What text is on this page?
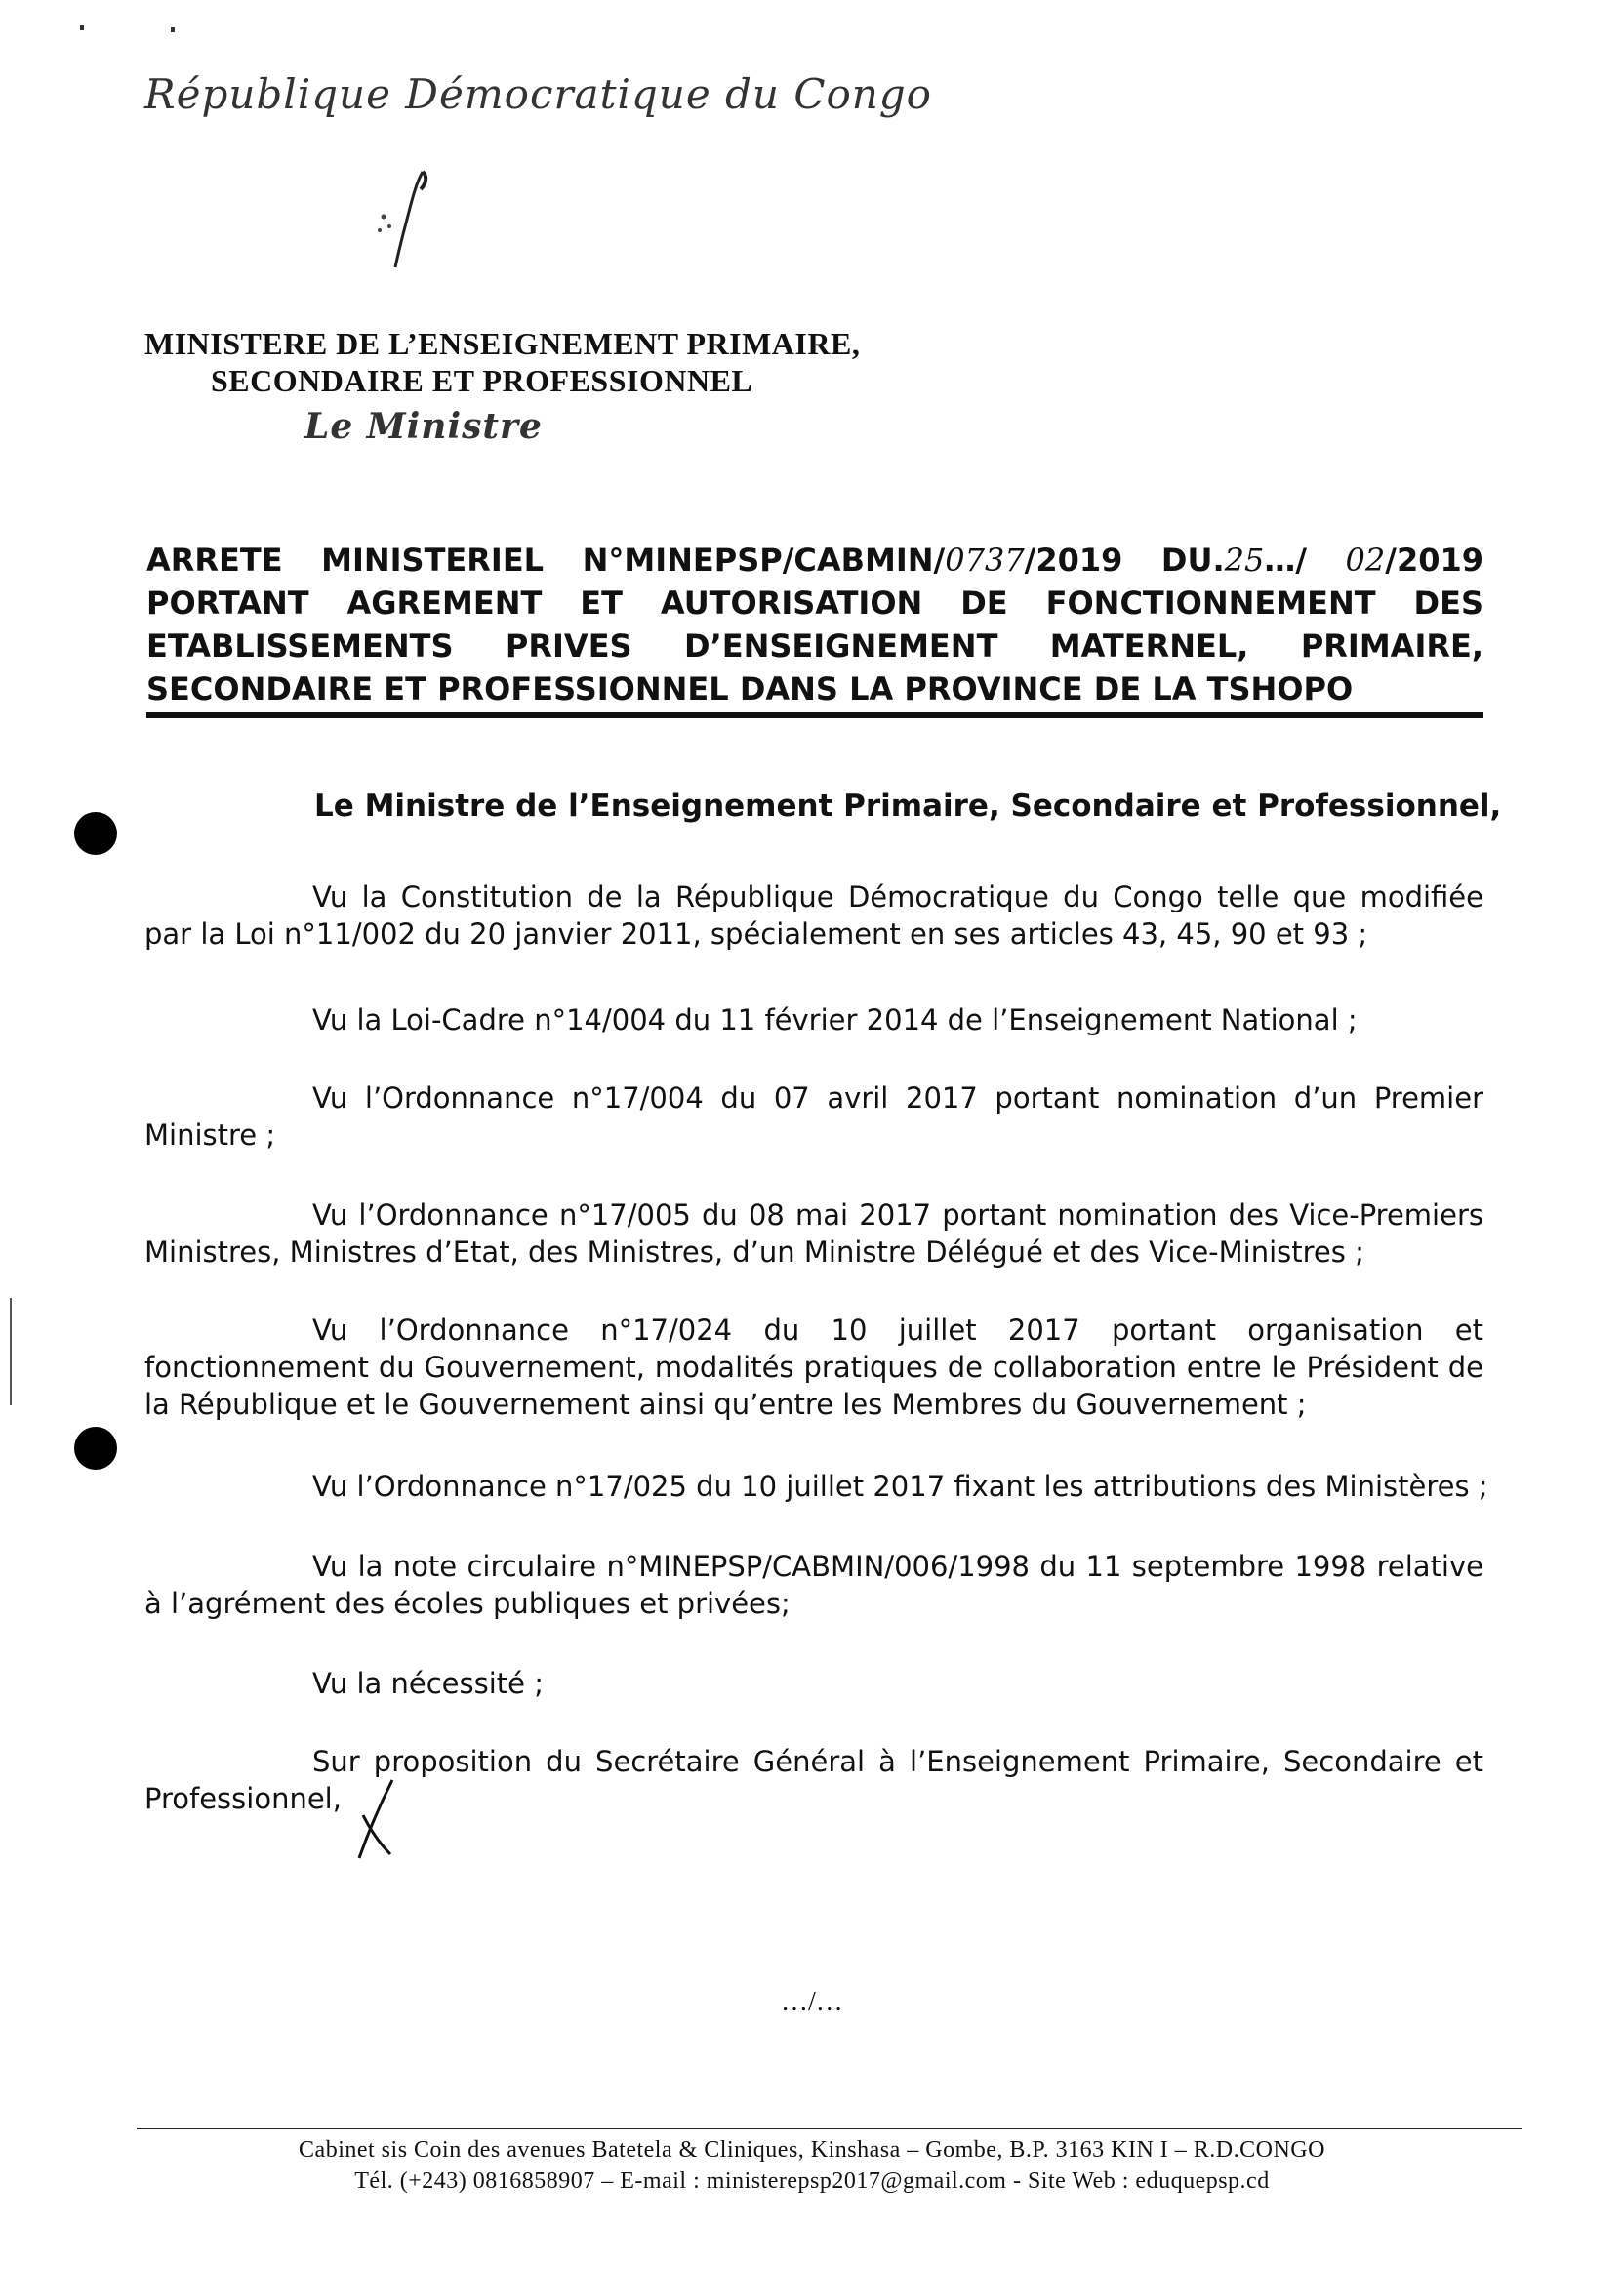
République Démocratique du Congo
MINISTERE DE L’ENSEIGNEMENT PRIMAIRE,
SECONDAIRE ET PROFESSIONNEL
Le Ministre
ARRETE MINISTERIEL N°MINEPSP/CABMIN/0737/2019 DU.25…/ 02/2019
PORTANT AGREMENT ET AUTORISATION DE FONCTIONNEMENT DES
ETABLISSEMENTS PRIVES D’ENSEIGNEMENT MATERNEL, PRIMAIRE,
SECONDAIRE ET PROFESSIONNEL DANS LA PROVINCE DE LA TSHOPO
Le Ministre de l’Enseignement Primaire, Secondaire et Professionnel,
Vu la Constitution de la République Démocratique du Congo telle que modifiée par la Loi n°11/002 du 20 janvier 2011, spécialement en ses articles 43, 45, 90 et 93 ;
Vu la Loi-Cadre n°14/004 du 11 février 2014 de l’Enseignement National ;
Vu l’Ordonnance n°17/004 du 07 avril 2017 portant nomination d’un Premier Ministre ;
Vu l’Ordonnance n°17/005 du 08 mai 2017 portant nomination des Vice-Premiers Ministres, Ministres d’Etat, des Ministres, d’un Ministre Délégué et des Vice-Ministres ;
Vu l’Ordonnance n°17/024 du 10 juillet 2017 portant organisation et fonctionnement du Gouvernement, modalités pratiques de collaboration entre le Président de la République et le Gouvernement ainsi qu’entre les Membres du Gouvernement ;
Vu l’Ordonnance n°17/025 du 10 juillet 2017 fixant les attributions des Ministères ;
Vu la note circulaire n°MINEPSP/CABMIN/006/1998 du 11 septembre 1998 relative à l’agrément des écoles publiques et privées;
Vu la nécessité ;
Sur proposition du Secrétaire Général à l’Enseignement Primaire, Secondaire et Professionnel,
…/…
Cabinet sis Coin des avenues Batetela & Cliniques, Kinshasa – Gombe, B.P. 3163 KIN I – R.D.CONGO
Tél. (+243) 0816858907 – E-mail : ministerepsp2017@gmail.com - Site Web : eduquepsp.cd
